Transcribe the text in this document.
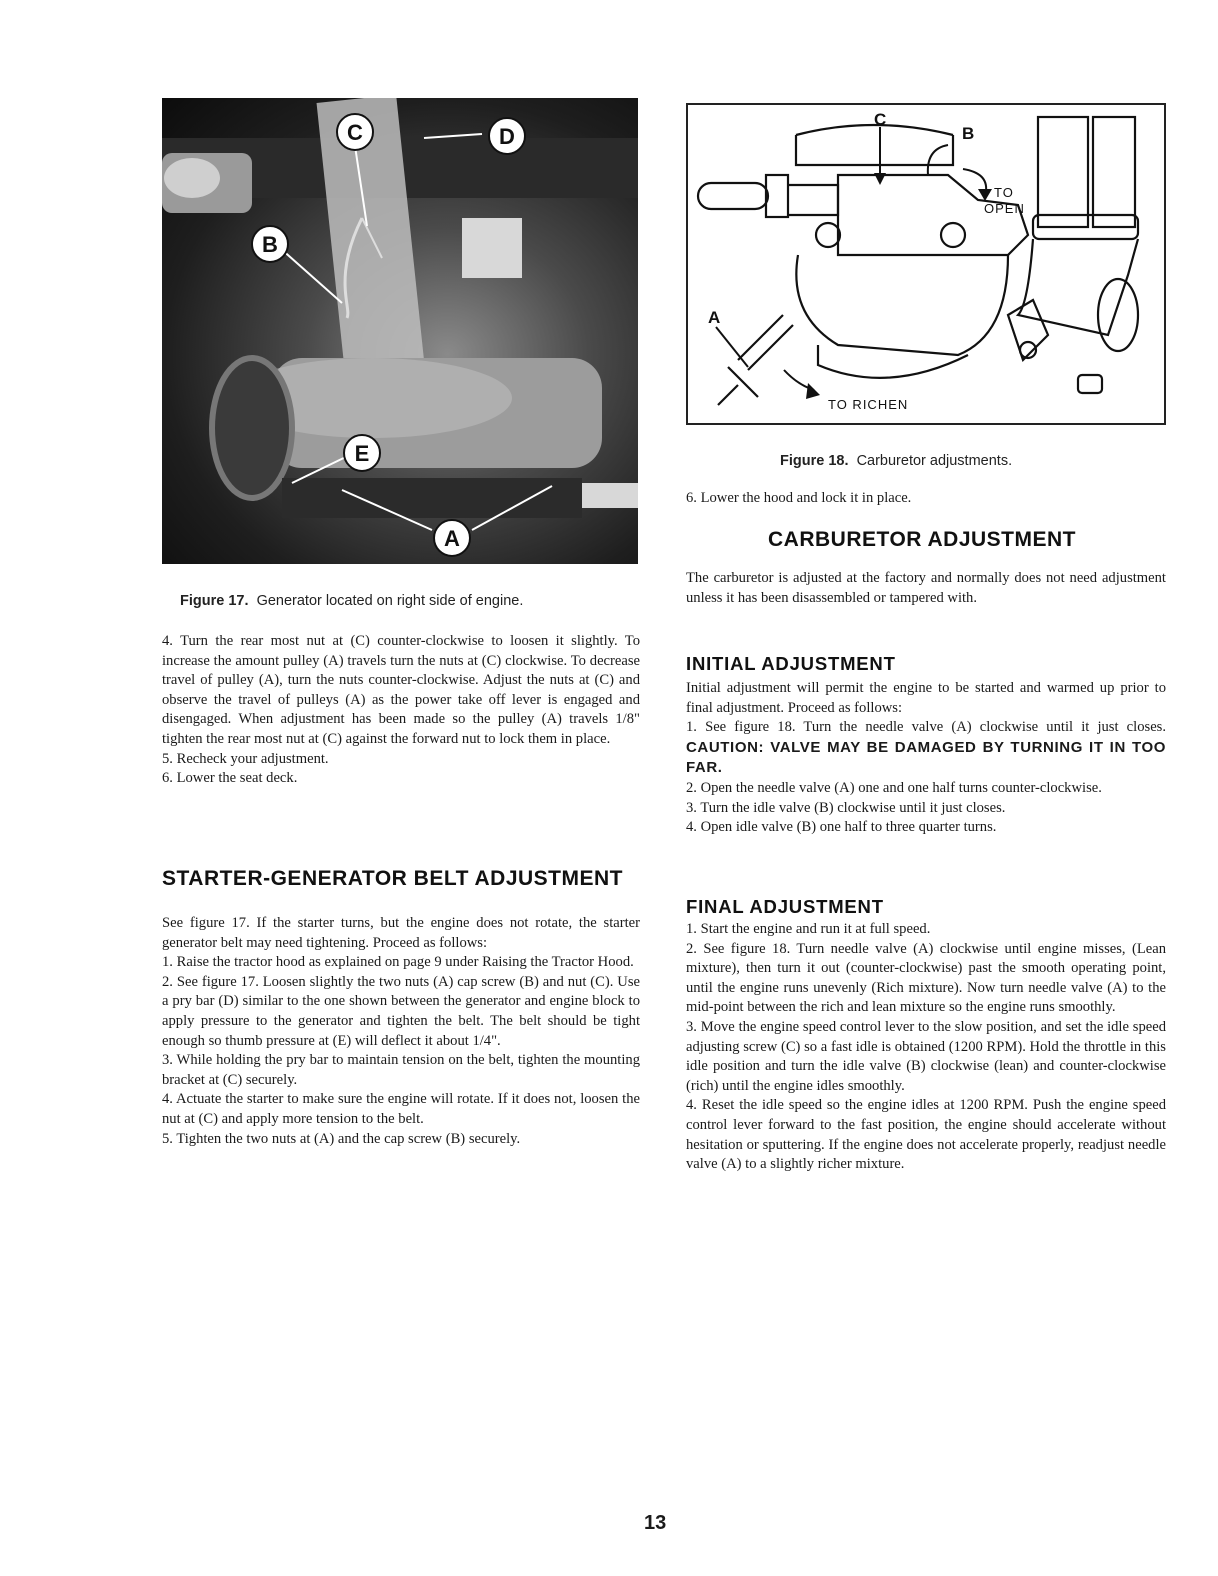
C	D
B
E
A
Figure 17. Generator located on right side of engine.
C
B
A
TO
OPEN
TO RICHEN
Figure 18. Carburetor adjustments.

4. Turn the rear most nut at (C) counter-clockwise to loosen it slightly. To increase the amount pulley (A) travels turn the nuts at (C) clockwise. To decrease travel of pulley (A), turn the nuts counter-clockwise. Adjust the nuts at (C) and observe the travel of pulleys (A) as the power take off lever is engaged and disengaged. When adjustment has been made so the pulley (A) travels 1/8" tighten the rear most nut at (C) against the forward nut to lock them in place.

5. Recheck your adjustment.

6. Lower the seat deck.

STARTER-GENERATOR BELT ADJUSTMENT

See figure 17. If the starter turns, but the engine does not rotate, the starter generator belt may need tightening. Proceed as follows:

1. Raise the tractor hood as explained on page 9 under Raising the Tractor Hood.

2. See figure 17. Loosen slightly the two nuts (A) cap screw (B) and nut (C). Use a pry bar (D) similar to the one shown between the generator and engine block to apply pressure to the generator and tighten the belt. The belt should be tight enough so thumb pressure at (E) will deflect it about 1/4".

3. While holding the pry bar to maintain tension on the belt, tighten the mounting bracket at (C) securely.

4. Actuate the starter to make sure the engine will rotate. If it does not, loosen the nut at (C) and apply more tension to the belt.

5. Tighten the two nuts at (A) and the cap screw (B) securely.

6. Lower the hood and lock it in place.
CARBURETOR ADJUSTMENT
The carburetor is adjusted at the factory and normally does not need adjustment unless it has been disassembled or tampered with.
INITIAL ADJUSTMENT

Initial adjustment will permit the engine to be started and warmed up prior to final adjustment. Proceed as follows:

1. See figure 18. Turn the needle valve (A) clockwise until it just closes. CAUTION: VALVE MAY BE DAMAGED BY TURNING IT IN TOO FAR.

2. Open the needle valve (A) one and one half turns counter-clockwise.

3. Turn the idle valve (B) clockwise until it just closes.

4. Open idle valve (B) one half to three quarter turns.

FINAL ADJUSTMENT

1. Start the engine and run it at full speed.

2. See figure 18. Turn needle valve (A) clockwise until engine misses, (Lean mixture), then turn it out (counter-clockwise) past the smooth operating point, until the engine runs unevenly (Rich mixture). Now turn needle valve (A) to the mid-point between the rich and lean mixture so the engine runs smoothly.

3. Move the engine speed control lever to the slow position, and set the idle speed adjusting screw (C) so a fast idle is obtained (1200 RPM). Hold the throttle in this idle position and turn the idle valve (B) clockwise (lean) and counter-clockwise (rich) until the engine idles smoothly.

4. Reset the idle speed so the engine idles at 1200 RPM. Push the engine speed control lever forward to the fast position, the engine should accelerate without hesitation or sputtering. If the engine does not accelerate properly, readjust needle valve (A) to a slightly richer mixture.

13
